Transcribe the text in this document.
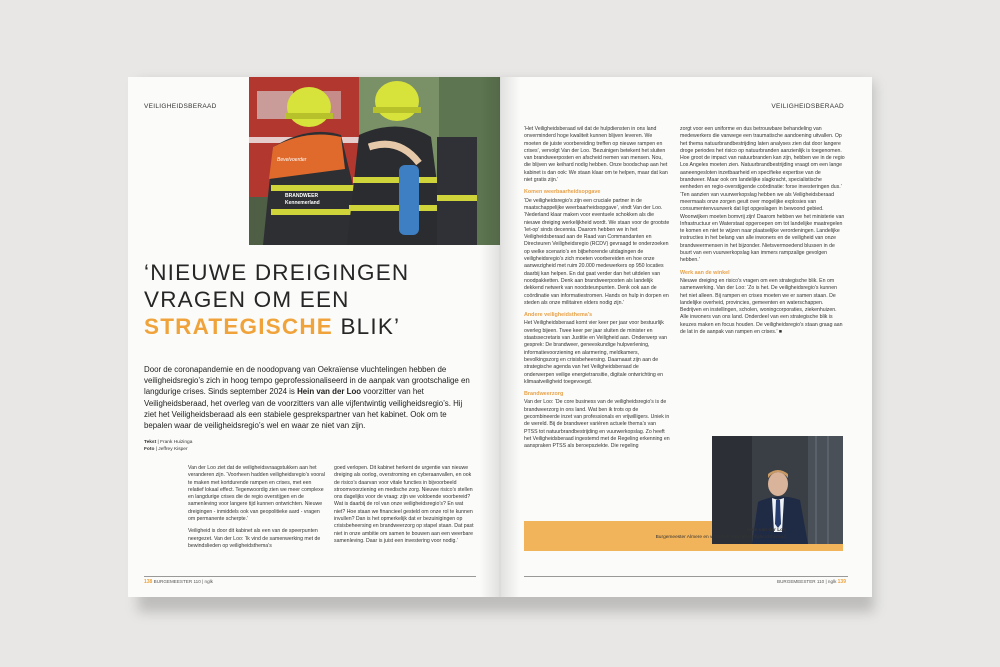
VEILIGHEIDSBERAAD
Bevelvoerder
BRANDWEER
Kennemerland
‘NIEUWE DREIGINGEN
VRAGEN OM EEN
STRATEGISCHE BLIK’
Door de coronapandemie en de noodopvang van Oekraïense vluchtelingen hebben de veiligheidsregio’s zich in hoog tempo geprofessionaliseerd in de aanpak van grootschalige en langdurige crises. Sinds september 2024 is Hein van der Loo voorzitter van het Veiligheidsberaad, het overleg van de voorzitters van alle vijfentwintig veiligheidsregio’s. Hij ziet het Veiligheidsberaad als een stabiele gesprekspartner van het kabinet. Ook om te bepalen waar de veiligheidsregio’s wel en waar ze niet van zijn.
Tekst | Frank Huizinga
Foto | Jeffrey Kisper

Van der Loo ziet dat de veiligheidsvraagstukken aan het veranderen zijn. ‘Voorheen hadden veiligheidsregio’s vooral te maken met kortdurende rampen en crises, met een relatief lokaal effect. Tegenwoordig zien we meer complexe en langdurige crises die de regio overstijgen en de samenleving voor langere tijd kunnen ontwrichten. Nieuwe dreigingen - inmiddels ook van geopolitieke aard - vragen om permanente scherpte.’

Veiligheid is door dit kabinet als een van de speerpunten neergezet. Van der Loo: ‘Ik vind de samenwerking met de bewindslieden op veiligheidsthema’s

goed verlopen. Dit kabinet herkent de urgentie van nieuwe dreiging als oorlog, overstroming en cyberaanvallen, en ook de risico’s daarvan voor vitale functies in bijvoorbeeld stroomvoorziening en medische zorg. Nieuwe risico’s stellen ons dagelijks voor de vraag: zijn we voldoende voorbereid? Wat is daarbij de rol van onze veiligheidsregio’s? En wat niet? Hoe staan we financieel gesteld om onze rol te kunnen invullen? Dan is het opmerkelijk dat er bezuinigingen op crisisbeheersing en brandweerzorg op stapel staan. Dat past niet in onze ambitie om samen te bouwen aan een weerbare samenleving. Daar is juist een investering voor nodig.’

138 BURGEMEESTER 110 | nglk
VEILIGHEIDSBERAAD

‘Het Veiligheidsberaad wil dat de hulpdiensten in ons land onverminderd hoge kwaliteit kunnen blijven leveren. We moeten de juiste voorbereiding treffen op nieuwe rampen en crises’, vervolgt Van der Loo. ‘Bezuinigen betekent het sluiten van brandweerposten en afscheid nemen van mensen. Nou, die blijven we keihard nodig hebben. Onze boodschap aan het kabinet is dan ook: We staan klaar om te helpen, maar dat kan niet gratis zijn.’

Komen weerbaarheidsopgave

‘De veiligheidsregio’s zijn een cruciale partner in de maatschappelijke weerbaarheidsopgave’, vindt Van der Loo. ‘Nederland klaar maken voor eventuele schokken als die nieuwe dreiging werkelijkheid wordt. We staan voor de grootste ‘let-op’ sinds decennia. Daarom hebben we in het Veiligheidsberaad aan de Raad van Commandanten en Directeuren Veiligheidsregio (RCDV) gevraagd te onderzoeken op welke scenario’s en bijbehorende uitdagingen de veiligheidsregio’s zich moeten voorbereiden en hoe onze aanwezigheid met ruim 20.000 medewerkers op 950 locaties daarbij kan helpen. En dat gaat verder dan het uitdelen van noodpakketten. Denk aan brandweerposten als landelijk dekkend netwerk van noodsteunpunten. Denk ook aan de coördinatie van informatiestromen. Hands on hulp in dorpen en steden als onze militairen elders nodig zijn.’

Andere veiligheidsthema’s

Het Veiligheidsberaad komt vier keer per jaar voor bestuurlijk overleg bijeen. Twee keer per jaar sluiten de minister en staatssecretaris van Justitie en Veiligheid aan. Onderwerp van gesprek: De brandweer, geneeskundige hulpverlening, informatievoorziening en alarmering, meldkamers, bevolkingszorg en crisisbeheersing. Daarnaast zijn aan de strategische agenda van het Veiligheidsberaad de onderwerpen veilige energietransitie, digitale ontwrichting en klimaatveiligheid toegevoegd.

Brandweerzorg

Van der Loo: ‘De core business van de veiligheidsregio’s is de brandweerzorg in ons land. Wat ben ik trots op de gecombineerde inzet van professionals en vrijwilligers. Uniek in de wereld. Bij de brandweer varièren actuele thema’s van PTSS tot natuurbrandbestrijding en vuurwerkopslag. Zo heeft het Veiligheidsberaad ingestemd met de Regeling erkenning en aanspraken PTSS als beroepsziekte. Die regeling

zorgt voor een uniforme en dus betrouwbare behandeling van medewerkers die vanwege een traumatische aandoening uitvallen. Op het thema natuurbrandbestrijding laten analyses zien dat door langere droge periodes het risico op natuurbranden aanzienlijk is toegenomen. Hoe groot de impact van natuurbranden kan zijn, hebben we in de regio Los Angeles moeten zien. Natuurbrandbestrijding vraagt om een lange aaneengesloten inzetbaarheid en specifieke expertise van de brandweer. Maar ook om landelijke slagkracht, specialistische eenheden en regio-overstijgende coördinatie: forse investeringen dus.’ ‘Ten aanzien van vuurwerkopslag hebben we als Veiligheidsberaad meermaals onze zorgen geuit over mogelijke explosies van consumentenvuurwerk dat ligt opgeslagen in bewoond gebied. Woonwijken moeten bomvrij zijn! Daarom hebben we het ministerie van Infrastructuur en Waterstaat opgeroepen om tot landelijke maatregelen te komen en niet te wijzen naar plaatselijke verordeningen. Landelijke instructies in het belang van alle inwoners en de veiligheid van onze brandweermensen in het bijzonder. Nietsvermoedend blussen in de buurt van een vuurwerkopslag kan immers rampzalige gevolgen hebben.’

Werk aan de winkel

Nieuwe dreiging en risico’s vragen om een strategische blik. En om samenwerking. Van der Loo: ‘Zo is het. De veiligheidsregio’s kunnen het niet alleen. Bij rampen en crises moeten we er samen staan. De landelijke overheid, provincies, gemeenten en waterschappen. Bedrijven en instellingen, scholen, woningcorporaties, ziekenhuizen. Alle inwoners van ons land. Onderdeel van een strategische blik is keuzes maken en focus houden. De veiligheidsregio’s staan graag aan de lat in de aanpak van rampen en crises.’ ■

Hein van der Loo
Burgemeester Almere en voorzitter van het Veiligheidsberaad
BURGEMEESTER 110 | nglk 139
